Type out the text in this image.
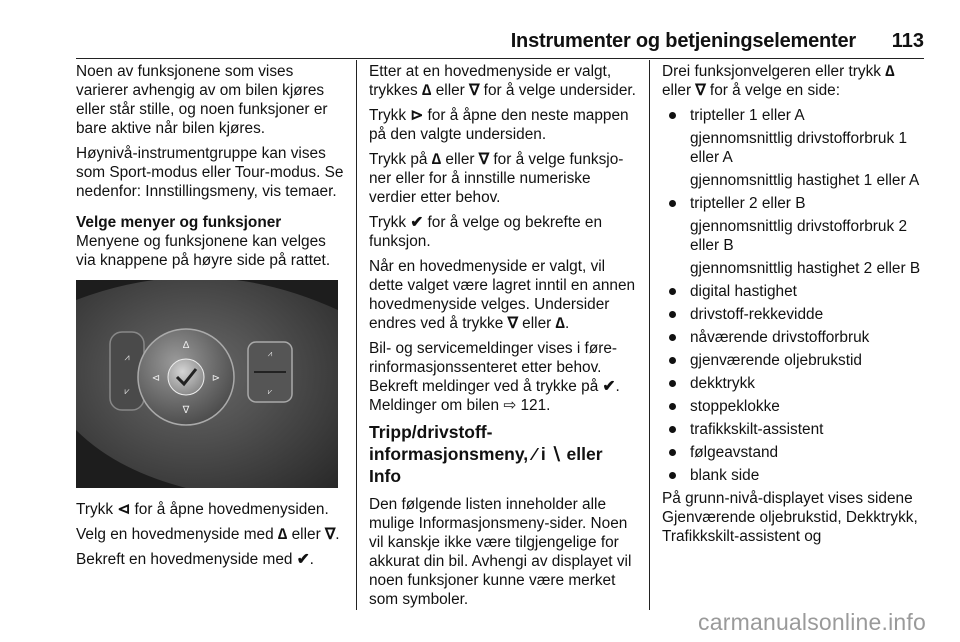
Instrumenter og betjeningselementer 113

Noen av funksjonene som vises varierer avhengig av om bilen kjøres eller står stille, og noen funksjoner er bare aktive når bilen kjøres.

Høynivå-instrumentgruppe kan vises som Sport-modus eller Tour-modus. Se nedenfor: Innstillingsmeny, vis temaer.

Velge menyer og funksjoner

Menyene og funksjonene kan velges via knappene på høyre side på rattet.

⩘
⩗
∆
∇
⊲	⊳
⩘
⩗

Trykk ⊲ for å åpne hovedmenysiden.

Velg en hovedmenyside med ∆ eller ∇.

Bekreft en hovedmenyside med ✔.

Etter at en hovedmenyside er valgt, trykkes ∆ eller ∇ for å velge undersider.

Trykk ⊳ for å åpne den neste mappen på den valgte undersiden.

Trykk på ∆ eller ∇ for å velge funksjoner eller for å innstille numeriske verdier etter behov.

Trykk ✔ for å velge og bekrefte en funksjon.

Når en hovedmenyside er valgt, vil dette valget være lagret inntil en annen hovedmenyside velges. Undersider endres ved å trykke ∇ eller ∆.

Bil- og servicemeldinger vises i førerinformasjonssenteret etter behov. Bekreft meldinger ved å trykke på ✔.

Meldinger om bilen ⇨ 121.

Tripp/drivstoff-
informasjonsmeny, ⁄ i ∖ eller Info

Den følgende listen inneholder alle mulige Informasjonsmeny-sider. Noen vil kanskje ikke være tilgjengelige for akkurat din bil. Avhengi av displayet vil noen funksjoner kunne være merket som symboler.

Drei funksjonvelgeren eller trykk ∆
eller ∇ for å velge en side:

tripteller 1 eller A
gjennomsnittlig drivstofforbruk 1 eller A
gjennomsnittlig hastighet 1 eller A
tripteller 2 eller B
gjennomsnittlig drivstofforbruk 2 eller B
gjennomsnittlig hastighet 2 eller B
digital hastighet
drivstoff-rekkevidde
nåværende drivstofforbruk
gjenværende oljebrukstid
dekktrykk
stoppeklokke
trafikkskilt-assistent
følgeavstand
blank side

På grunn-nivå-displayet vises sidene Gjenværende oljebrukstid, Dekktrykk, Trafikkskilt-assistent og

carmanualsonline.info
